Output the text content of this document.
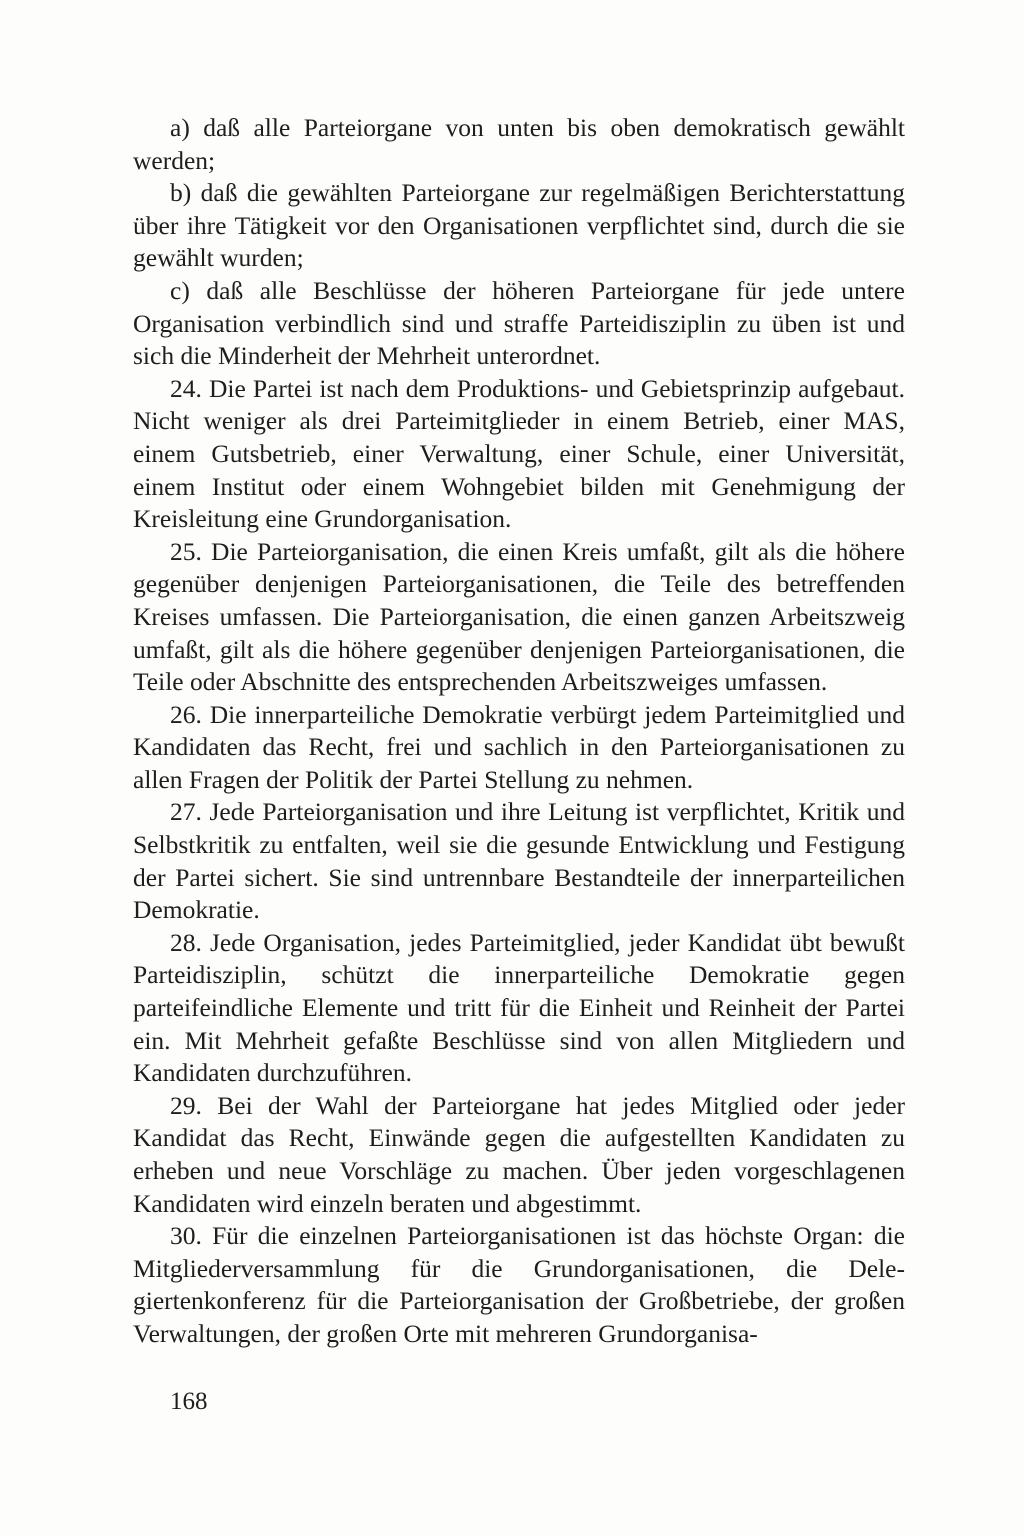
a) daß alle Parteiorgane von unten bis oben demokratisch gewählt werden;

b) daß die gewählten Parteiorgane zur regelmäßigen Berichterstattung über ihre Tätigkeit vor den Organisationen verpflichtet sind, durch die sie gewählt wurden;

c) daß alle Beschlüsse der höheren Parteiorgane für jede untere Organisation verbindlich sind und straffe Parteidisziplin zu üben ist und sich die Minderheit der Mehrheit unterordnet.

24. Die Partei ist nach dem Produktions- und Gebietsprinzip aufgebaut. Nicht weniger als drei Parteimitglieder in einem Betrieb, einer MAS, einem Gutsbetrieb, einer Verwaltung, einer Schule, einer Universität, einem Institut oder einem Wohngebiet bilden mit Genehmigung der Kreisleitung eine Grundorganisation.

25. Die Parteiorganisation, die einen Kreis umfaßt, gilt als die höhere gegenüber denjenigen Parteiorganisationen, die Teile des betreffenden Kreises umfassen. Die Parteiorganisation, die einen ganzen Arbeitszweig umfaßt, gilt als die höhere gegenüber denjenigen Parteiorganisationen, die Teile oder Abschnitte des entsprechenden Arbeitszweiges umfassen.

26. Die innerparteiliche Demokratie verbürgt jedem Parteimitglied und Kandidaten das Recht, frei und sachlich in den Parteiorganisationen zu allen Fragen der Politik der Partei Stellung zu nehmen.

27. Jede Parteiorganisation und ihre Leitung ist verpflichtet, Kritik und Selbstkritik zu entfalten, weil sie die gesunde Entwicklung und Festigung der Partei sichert. Sie sind untrennbare Bestandteile der innerparteilichen Demokratie.

28. Jede Organisation, jedes Parteimitglied, jeder Kandidat übt bewußt Parteidisziplin, schützt die innerparteiliche Demokratie gegen parteifeindliche Elemente und tritt für die Einheit und Reinheit der Partei ein. Mit Mehrheit gefaßte Beschlüsse sind von allen Mitgliedern und Kandidaten durchzuführen.

29. Bei der Wahl der Parteiorgane hat jedes Mitglied oder jeder Kandidat das Recht, Einwände gegen die aufgestellten Kandidaten zu erheben und neue Vorschläge zu machen. Über jeden vorgeschlagenen Kandidaten wird einzeln beraten und abgestimmt.

30. Für die einzelnen Parteiorganisationen ist das höchste Organ: die Mitgliederversammlung für die Grundorganisationen, die Delegiertenkonferenz für die Parteiorganisation der Großbetriebe, der großen Verwaltungen, der großen Orte mit mehreren Grundorganisa-

168
